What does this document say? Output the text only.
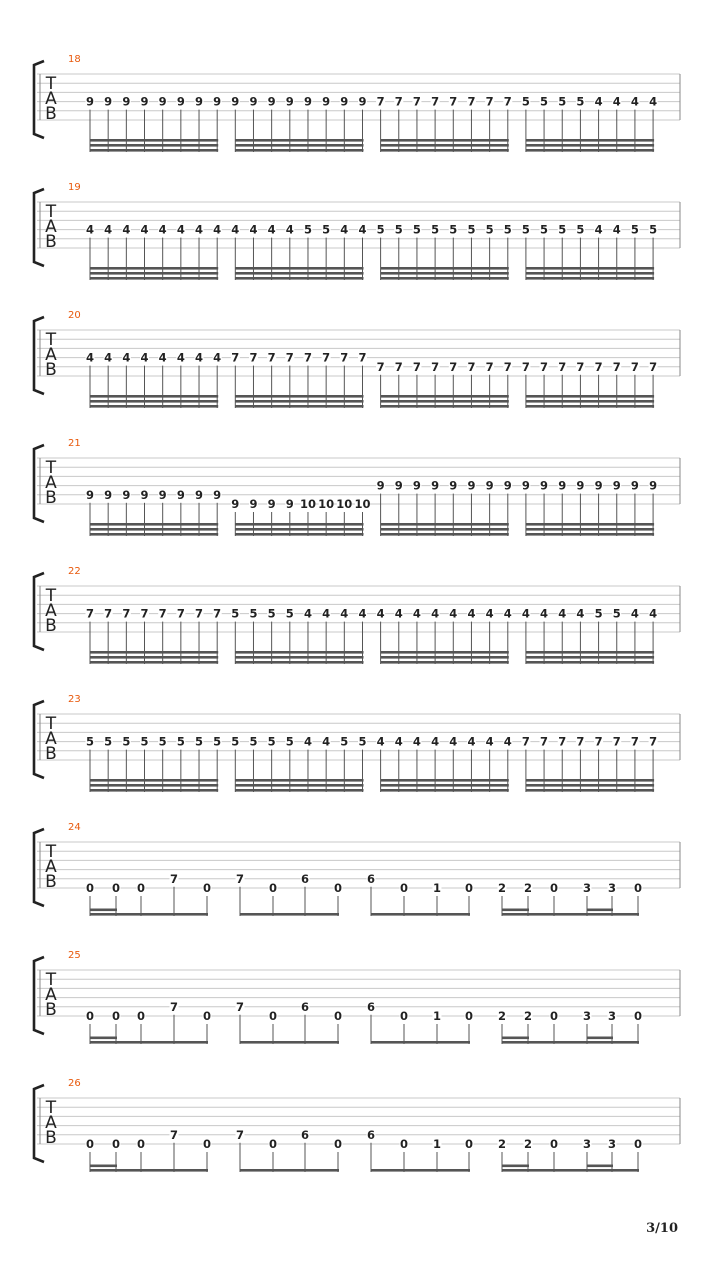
18
T
A
B
9 9 9 9 9 9 9 9 9 9 9 9 9 9 9 9 7 7 7 7 7 7 7 7 5 5 5 5 4 4 4 4
19
T
A
B
4 4 4 4 4 4 4 4 4 4 4 4 5 5 4 4 5 5 5 5 5 5 5 5 5 5 5 5 4 4 5 5
20
T
A
B
4 4 4 4 4 4 4 4 7 7 7 7 7 7 7 7
7 7 7 7 7 7 7 7 7 7 7 7 7 7 7 7
21
T
A
B	9 9 9 9 9 9 9 9
9 9 9 9 10 10 10 10
9 9 9 9 9 9 9 9 9 9 9 9 9 9 9 9
22
T
A
B
7 7 7 7 7 7 7 7 5 5 5 5 4 4 4 4 4 4 4 4 4 4 4 4 4 4 4 4 5 5 4 4
23
T
A
B
5 5 5 5 5 5 5 5 5 5 5 5 4 4 5 5 4 4 4 4 4 4 4 4 7 7 7 7 7 7 7 7
24
T
A
B	0 0 0
7
0
7
0
6
0
6
0 1 0 2 2 0 3 3 0
25
T
A
B	0 0 0
7
0
7
0
6
0
6
0 1 0 2 2 0 3 3 0
26
T
A
B	0 0 0
7
0
7
0
6
0
6
0 1 0 2 2 0 3 3 0
3/10
